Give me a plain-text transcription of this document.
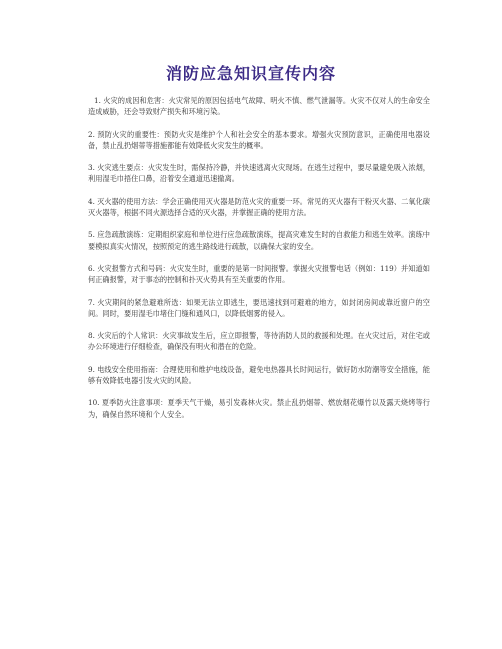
消防应急知识宣传内容

1. 火灾的成因和危害：火灾常见的原因包括电气故障、明火不慎、燃气泄漏等。火灾不仅对人的生命安全造成威胁，还会导致财产损失和环境污染。

2. 预防火灾的重要性：预防火灾是维护个人和社会安全的基本要求。增强火灾预防意识，正确使用电器设备，禁止乱扔烟蒂等措施都能有效降低火灾发生的概率。

3. 火灾逃生要点：火灾发生时，需保持冷静，并快速逃离火灾现场。在逃生过程中，要尽量避免吸入浓烟，利用湿毛巾捂住口鼻，沿着安全通道迅速撤离。

4. 灭火器的使用方法：学会正确使用灭火器是防范火灾的重要一环。常见的灭火器有干粉灭火器、二氧化碳灭火器等，根据不同火源选择合适的灭火器，并掌握正确的使用方法。

5. 应急疏散演练：定期组织家庭和单位进行应急疏散演练，提高灾难发生时的自救能力和逃生效率。演练中要模拟真实火情况，按照预定的逃生路线进行疏散，以确保大家的安全。

6. 火灾报警方式和号码：火灾发生时，重要的是第一时间报警。掌握火灾报警电话（例如：119）并知道如何正确报警，对于事态的控制和扑灭火势具有至关重要的作用。

7. 火灾期间的紧急避难所选：如果无法立即逃生，要迅速找到可避难的地方，如封闭房间或靠近窗户的空间。同时，要用湿毛巾堵住门缝和通风口，以降低烟雾的侵入。

8. 火灾后的个人常识：火灾事故发生后，应立即报警，等待消防人员的救援和处理。在火灾过后，对住宅或办公环境进行仔细检查，确保没有明火和潜在的危险。

9. 电线安全使用指南：合理使用和维护电线设备，避免电热器具长时间运行，做好防水防潮等安全措施，能够有效降低电器引发火灾的风险。

10. 夏季防火注意事项：夏季天气干燥，易引发森林火灾。禁止乱扔烟蒂、燃放烟花爆竹以及露天烧烤等行为，确保自然环境和个人安全。
